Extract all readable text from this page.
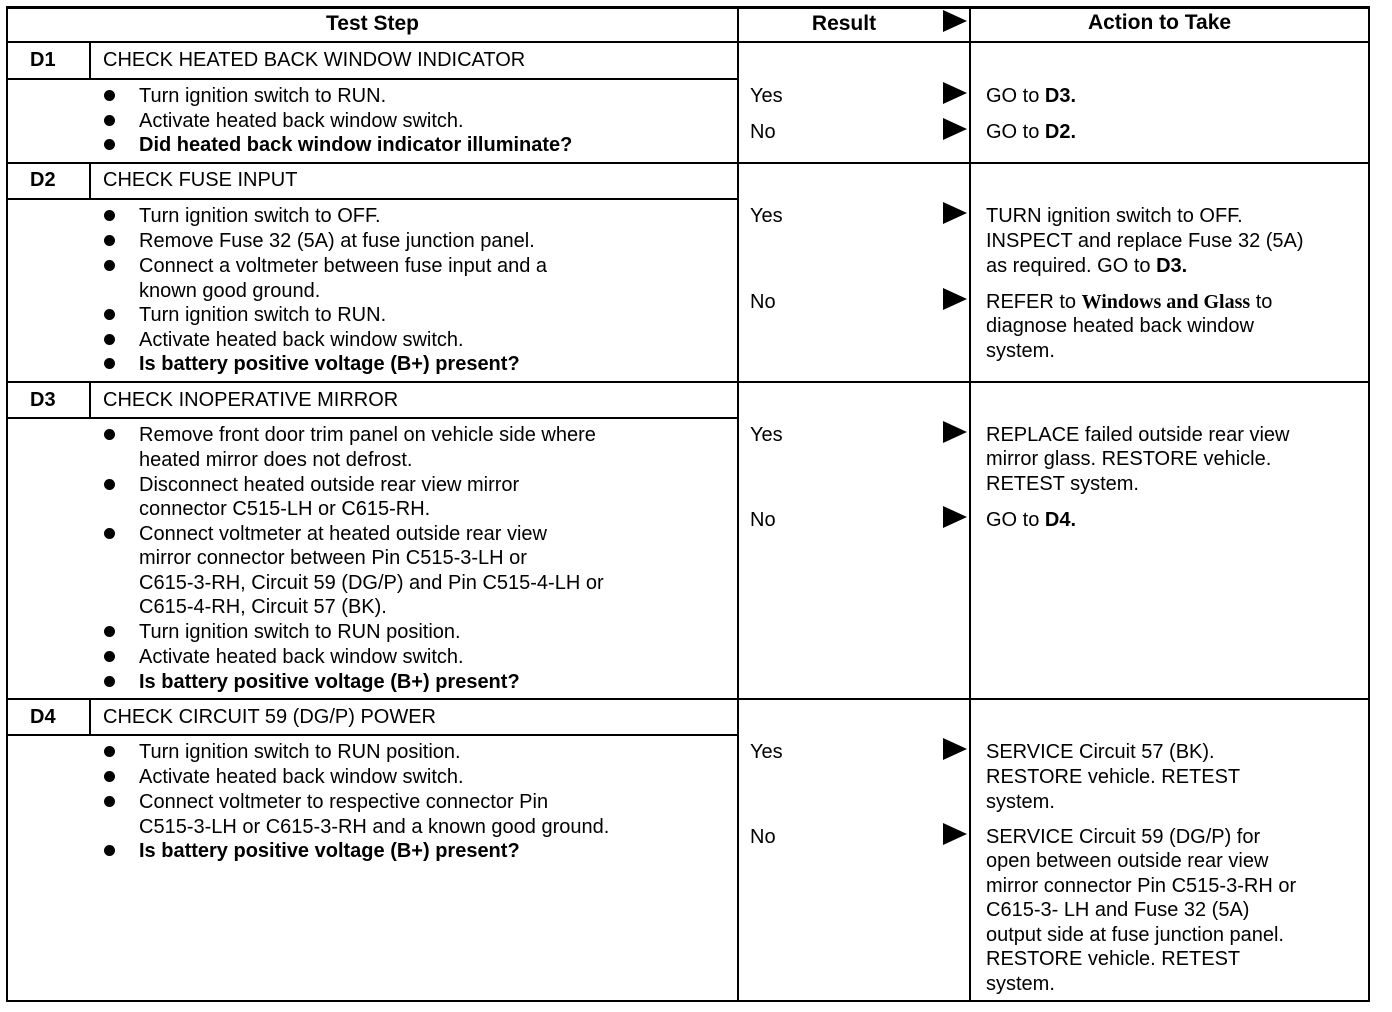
Test Step	Result	Action to Take
D1 CHECK HEATED BACK WINDOW INDICATOR
Turn ignition switch to RUN.
Activate heated back window switch.
Did heated back window indicator illuminate?
Yes
No
GO to D3.
GO to D2.
D2 CHECK FUSE INPUT
Turn ignition switch to OFF.
Remove Fuse 32 (5A) at fuse junction panel.
Connect a voltmeter between fuse input and a
known good ground.
Turn ignition switch to RUN.
Activate heated back window switch.
Is battery positive voltage (B+) present?
Yes
No
TURN ignition switch to OFF.
INSPECT and replace Fuse 32 (5A)
as required. GO to D3.
REFER to Windows and Glass to
diagnose heated back window
system.
D3 CHECK INOPERATIVE MIRROR
Remove front door trim panel on vehicle side where
heated mirror does not defrost.
Disconnect heated outside rear view mirror
connector C515-LH or C615-RH.
Connect voltmeter at heated outside rear view
mirror connector between Pin C515-3-LH or
C615-3-RH, Circuit 59 (DG/P) and Pin C515-4-LH or
C615-4-RH, Circuit 57 (BK).
Turn ignition switch to RUN position.
Activate heated back window switch.
Is battery positive voltage (B+) present?
Yes
No
REPLACE failed outside rear view
mirror glass. RESTORE vehicle.
RETEST system.
GO to D4.
D4 CHECK CIRCUIT 59 (DG/P) POWER
Turn ignition switch to RUN position.
Activate heated back window switch.
Connect voltmeter to respective connector Pin
C515-3-LH or C615-3-RH and a known good ground.
Is battery positive voltage (B+) present?
Yes
No
SERVICE Circuit 57 (BK).
RESTORE vehicle. RETEST
system.
SERVICE Circuit 59 (DG/P) for
open between outside rear view
mirror connector Pin C515-3-RH or
C615-3- LH and Fuse 32 (5A)
output side at fuse junction panel.
RESTORE vehicle. RETEST
system.
